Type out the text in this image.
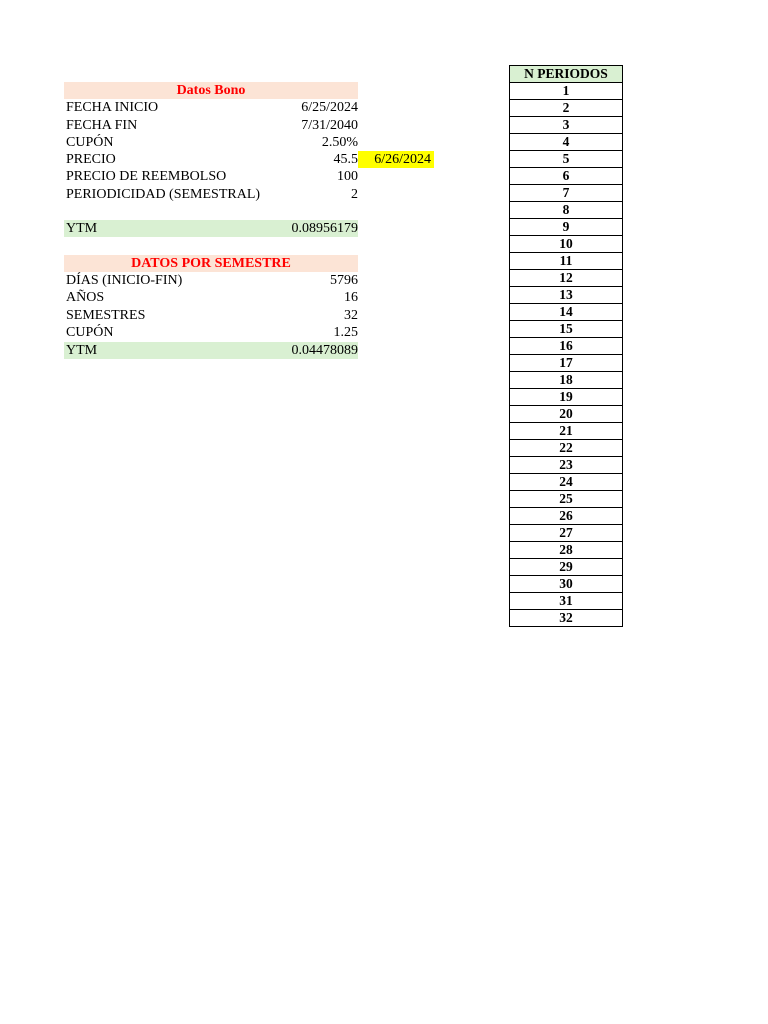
Datos Bono
FECHA INICIO	6/25/2024
FECHA FIN	7/31/2040
CUPÓN	2.50%
PRECIO	45.5	6/26/2024
PRECIO DE REEMBOLSO	100
PERIODICIDAD (SEMESTRAL)	2
YTM	0.08956179
DATOS POR SEMESTRE
DÍAS (INICIO-FIN)	5796
AÑOS	16
SEMESTRES	32
CUPÓN	1.25
YTM	0.04478089
N PERIODOS
1
2
3
4
5
6
7
8
9
10
11
12
13
14
15
16
17
18
19
20
21
22
23
24
25
26
27
28
29
30
31
32
